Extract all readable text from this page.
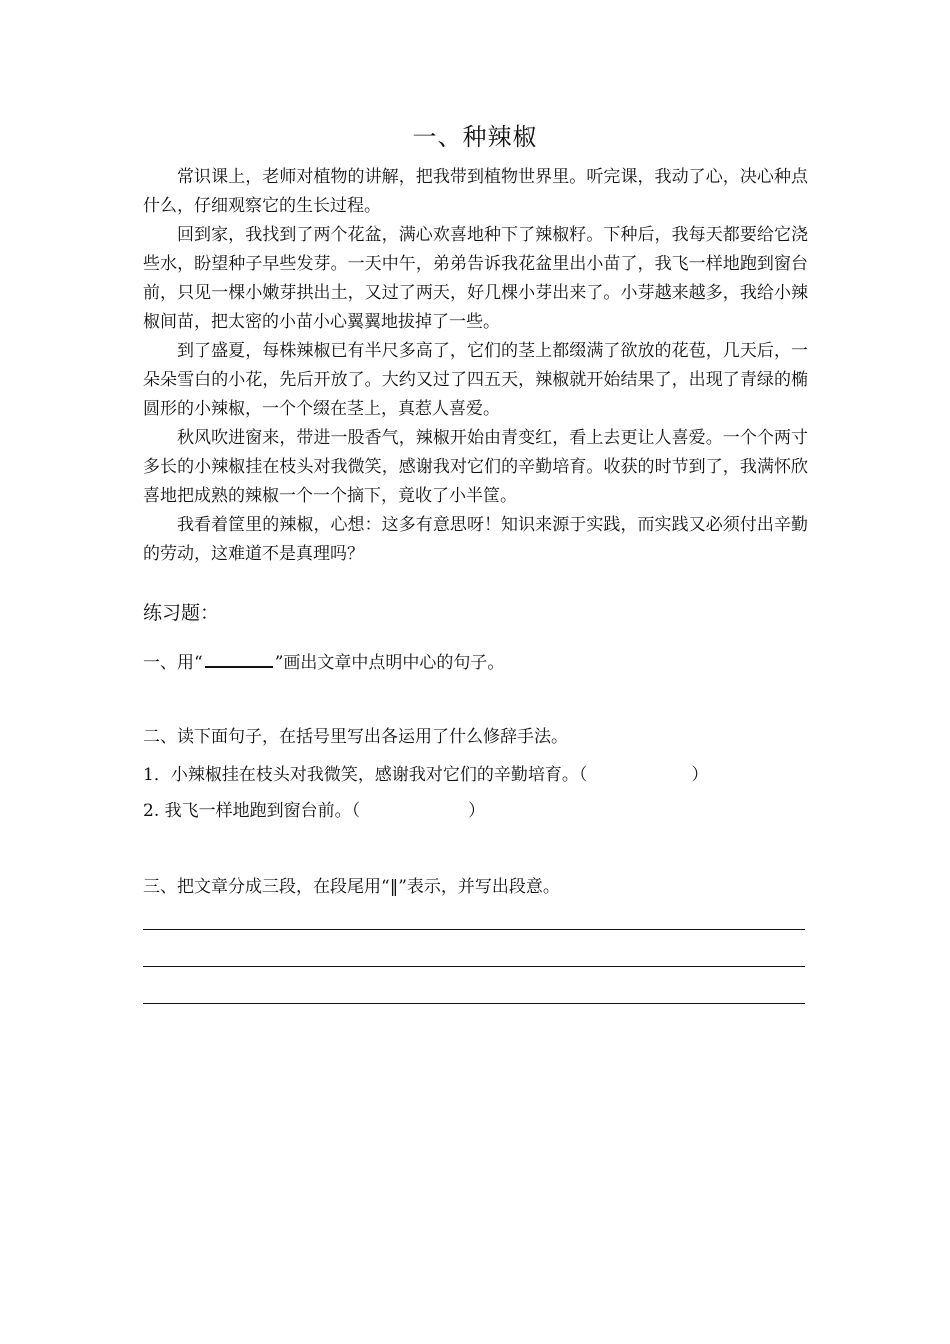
一、种辣椒

常识课上，老师对植物的讲解，把我带到植物世界里。听完课，我动了心，决心种点什么，仔细观察它的生长过程。

回到家，我找到了两个花盆，满心欢喜地种下了辣椒籽。下种后，我每天都要给它浇些水，盼望种子早些发芽。一天中午，弟弟告诉我花盆里出小苗了，我飞一样地跑到窗台前，只见一棵小嫩芽拱出土，又过了两天，好几棵小芽出来了。小芽越来越多，我给小辣椒间苗，把太密的小苗小心翼翼地拔掉了一些。

到了盛夏，每株辣椒已有半尺多高了，它们的茎上都缀满了欲放的花苞，几天后，一朵朵雪白的小花，先后开放了。大约又过了四五天，辣椒就开始结果了，出现了青绿的椭圆形的小辣椒，一个个缀在茎上，真惹人喜爱。

秋风吹进窗来，带进一股香气，辣椒开始由青变红，看上去更让人喜爱。一个个两寸多长的小辣椒挂在枝头对我微笑，感谢我对它们的辛勤培育。收获的时节到了，我满怀欣喜地把成熟的辣椒一个一个摘下，竟收了小半筐。

我看着筐里的辣椒，心想：这多有意思呀！知识来源于实践，而实践又必须付出辛勤的劳动，这难道不是真理吗？

练习题：
一、用“	”画出文章中点明中心的句子。
二、读下面句子，在括号里写出各运用了什么修辞手法。
1．小辣椒挂在枝头对我微笑，感谢我对它们的辛勤培育。（	）
2. 我飞一样地跑到窗台前。（	）
三、把文章分成三段，在段尾用“‖”表示，并写出段意。
